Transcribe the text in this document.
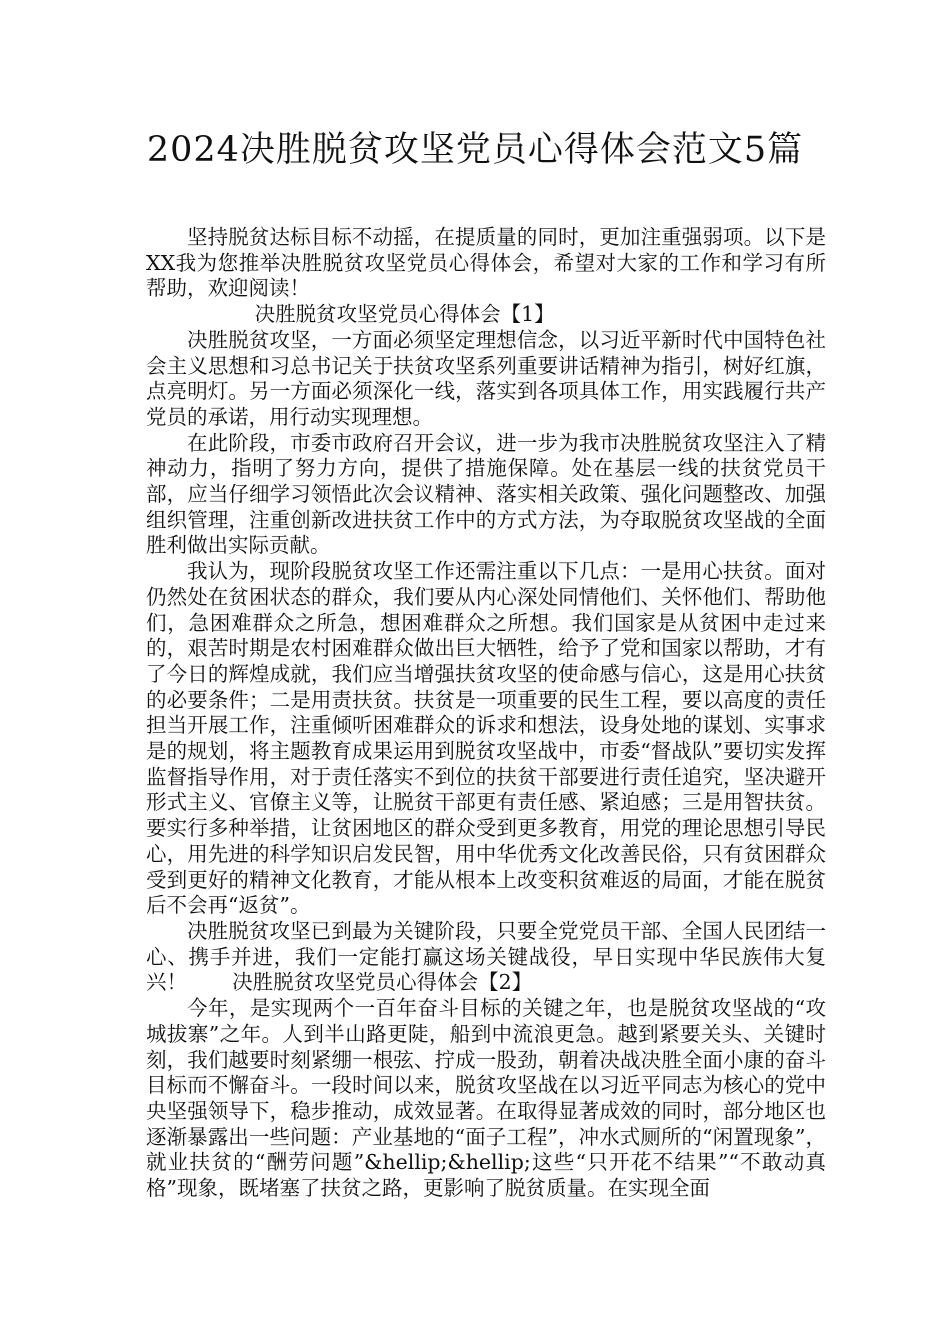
2024决胜脱贫攻坚党员心得体会范文5篇

坚持脱贫达标目标不动摇，在提质量的同时，更加注重强弱项。以下是XX我为您推举决胜脱贫攻坚党员心得体会，希望对大家的工作和学习有所帮助，欢迎阅读！

决胜脱贫攻坚党员心得体会【1】

决胜脱贫攻坚，一方面必须坚定理想信念，以习近平新时代中国特色社会主义思想和习总书记关于扶贫攻坚系列重要讲话精神为指引，树好红旗，点亮明灯。另一方面必须深化一线，落实到各项具体工作，用实践履行共产党员的承诺，用行动实现理想。

在此阶段，市委市政府召开会议，进一步为我市决胜脱贫攻坚注入了精神动力，指明了努力方向，提供了措施保障。处在基层一线的扶贫党员干部，应当仔细学习领悟此次会议精神、落实相关政策、强化问题整改、加强组织管理，注重创新改进扶贫工作中的方式方法，为夺取脱贫攻坚战的全面胜利做出实际贡献。

我认为，现阶段脱贫攻坚工作还需注重以下几点：一是用心扶贫。面对仍然处在贫困状态的群众，我们要从内心深处同情他们、关怀他们、帮助他们，急困难群众之所急，想困难群众之所想。我们国家是从贫困中走过来的，艰苦时期是农村困难群众做出巨大牺牲，给予了党和国家以帮助，才有了今日的辉煌成就，我们应当增强扶贫攻坚的使命感与信心，这是用心扶贫的必要条件；二是用责扶贫。扶贫是一项重要的民生工程，要以高度的责任担当开展工作，注重倾听困难群众的诉求和想法，设身处地的谋划、实事求是的规划，将主题教育成果运用到脱贫攻坚战中，市委“督战队”要切实发挥监督指导作用，对于责任落实不到位的扶贫干部要进行责任追究，坚决避开形式主义、官僚主义等，让脱贫干部更有责任感、紧迫感；三是用智扶贫。要实行多种举措，让贫困地区的群众受到更多教育，用党的理论思想引导民心，用先进的科学知识启发民智，用中华优秀文化改善民俗，只有贫困群众受到更好的精神文化教育，才能从根本上改变积贫难返的局面，才能在脱贫后不会再“返贫”。

决胜脱贫攻坚已到最为关键阶段，只要全党党员干部、全国人民团结一心、携手并进，我们一定能打赢这场关键战役，早日实现中华民族伟大复兴！ 决胜脱贫攻坚党员心得体会【2】

今年，是实现两个一百年奋斗目标的关键之年，也是脱贫攻坚战的“攻城拔寨”之年。人到半山路更陡，船到中流浪更急。越到紧要关头、关键时刻，我们越要时刻紧绷一根弦、拧成一股劲，朝着决战决胜全面小康的奋斗目标而不懈奋斗。一段时间以来，脱贫攻坚战在以习近平同志为核心的党中央坚强领导下，稳步推动，成效显著。在取得显著成效的同时，部分地区也逐渐暴露出一些问题：产业基地的“面子工程”，冲水式厕所的“闲置现象”，就业扶贫的“酬劳问题”&hellip;&hellip;这些“只开花不结果”“不敢动真格”现象，既堵塞了扶贫之路，更影响了脱贫质量。在实现全面
